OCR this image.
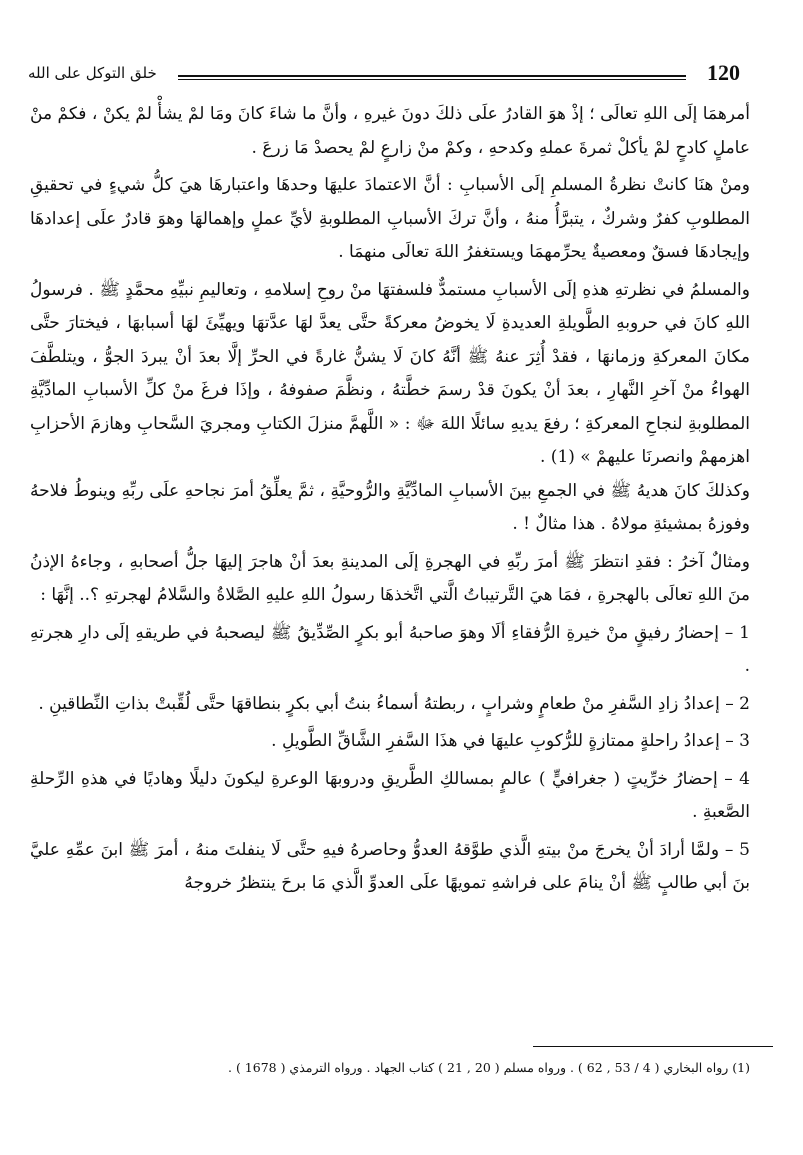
120
خلق التوكل على الله

أمرهمَا إلَى اللهِ تعالَى ؛ إذْ هوَ القادرُ علَى ذلكَ دونَ غيرهِ ، وأنَّ ما شاءَ كانَ ومَا لمْ يشأْ لمْ يكنْ ، فكمْ منْ عاملٍ كادحٍ لمْ يأكلْ ثمرةَ عملهِ وكدحهِ ، وكمْ منْ زارعٍ لمْ يحصدْ مَا زرعَ .

ومنْ هنَا كانتْ نظرةُ المسلمِ إلَى الأسبابِ : أنَّ الاعتمادَ عليهَا وحدهَا واعتبارهَا هيَ كلُّ شيءٍ في تحقيقِ المطلوبِ كفرٌ وشركٌ ، يتبرَّأُ منهُ ، وأنَّ تركَ الأسبابِ المطلوبةِ لأيِّ عملٍ وإهمالهَا وهوَ قادرٌ علَى إعدادهَا وإيجادهَا فسقٌ ومعصيةٌ يحرِّمهمَا ويستغفرُ اللهَ تعالَى منهمَا .

والمسلمُ في نظرتهِ هذهِ إلَى الأسبابِ مستمدٌّ فلسفتهَا منْ روحِ إسلامهِ ، وتعاليمِ نبيِّهِ محمَّدٍ ﷺ . فرسولُ اللهِ كانَ في حروبهِ الطَّويلةِ العديدةِ لَا يخوضُ معركةً حتَّى يعدَّ لهَا عدَّتهَا ويهيِّئَ لهَا أسبابهَا ، فيختارَ حتَّى مكانَ المعركةِ وزمانهَا ، فقدْ أُثِرَ عنهُ ﷺ أنَّهُ كانَ لَا يشنُّ غارةً في الحرِّ إلَّا بعدَ أنْ يبردَ الجوُّ ، ويتلطَّفَ الهواءُ منْ آخرِ النَّهارِ ، بعدَ أنْ يكونَ قدْ رسمَ خطَّتهُ ، ونظَّمَ صفوفهُ ، وإذَا فرغَ منْ كلِّ الأسبابِ المادِّيَّةِ المطلوبةِ لنجاحِ المعركةِ ؛ رفعَ يديهِ سائلًا اللهَ ﷻ : « اللَّهمَّ منزلَ الكتابِ ومجريَ السَّحابِ وهازمَ الأحزابِ اهزمهمْ وانصرنَا عليهمْ » (1) .

وكذلكَ كانَ هديهُ ﷺ في الجمعِ بينَ الأسبابِ المادِّيَّةِ والرُّوحيَّةِ ، ثمَّ يعلِّقُ أمرَ نجاحهِ علَى ربِّهِ وينوطُ فلاحهُ وفوزهُ بمشيئةِ مولاهُ . هذا مثالٌ ! .

ومثالٌ آخرُ : فقدِ انتظرَ ﷺ أمرَ ربِّهِ في الهجرةِ إلَى المدينةِ بعدَ أنْ هاجرَ إليهَا جلُّ أصحابهِ ، وجاءهُ الإذنُ منَ اللهِ تعالَى بالهجرةِ ، فمَا هيَ التَّرتيباتُ الَّتي اتَّخذهَا رسولُ اللهِ عليهِ الصَّلاةُ والسَّلامُ لهجرتهِ ؟.. إنَّهَا :

1 – إحضارُ رفيقٍ منْ خيرةِ الرُّفقاءِ ألَا وهوَ صاحبهُ أبو بكرٍ الصِّدِّيقُ ﷺ ليصحبهُ في طريقهِ إلَى دارِ هجرتهِ .

2 – إعدادُ زادِ السَّفرِ منْ طعامٍ وشرابٍ ، ربطتهُ أسماءُ بنتُ أبي بكرٍ بنطاقهَا حتَّى لُقِّبتْ بذاتِ النِّطاقينِ .

3 – إعدادُ راحلةٍ ممتازةٍ للرُّكوبِ عليهَا في هذَا السَّفرِ الشَّاقِّ الطَّويلِ .

4 – إحضارُ خرِّيتٍ ( جغرافيٍّ ) عالمٍ بمسالكِ الطَّريقِ ودروبهَا الوعرةِ ليكونَ دليلًا وهاديًا في هذهِ الرِّحلةِ الصَّعبةِ .

5 – ولمَّا أرادَ أنْ يخرجَ منْ بيتهِ الَّذي طوَّقهُ العدوُّ وحاصرهُ فيهِ حتَّى لَا ينفلتَ منهُ ، أمرَ ﷺ ابنَ عمِّهِ عليَّ بنَ أبي طالبٍ ﷺ أنْ ينامَ على فراشهِ تمويهًا علَى العدوِّ الَّذي مَا برحَ ينتظرُ خروجهُ

(1) رواه البخاري ( 4 / 53 , 62 ) . ورواه مسلم ( 20 , 21 ) كتاب الجهاد . ورواه الترمذي ( 1678 ) .
